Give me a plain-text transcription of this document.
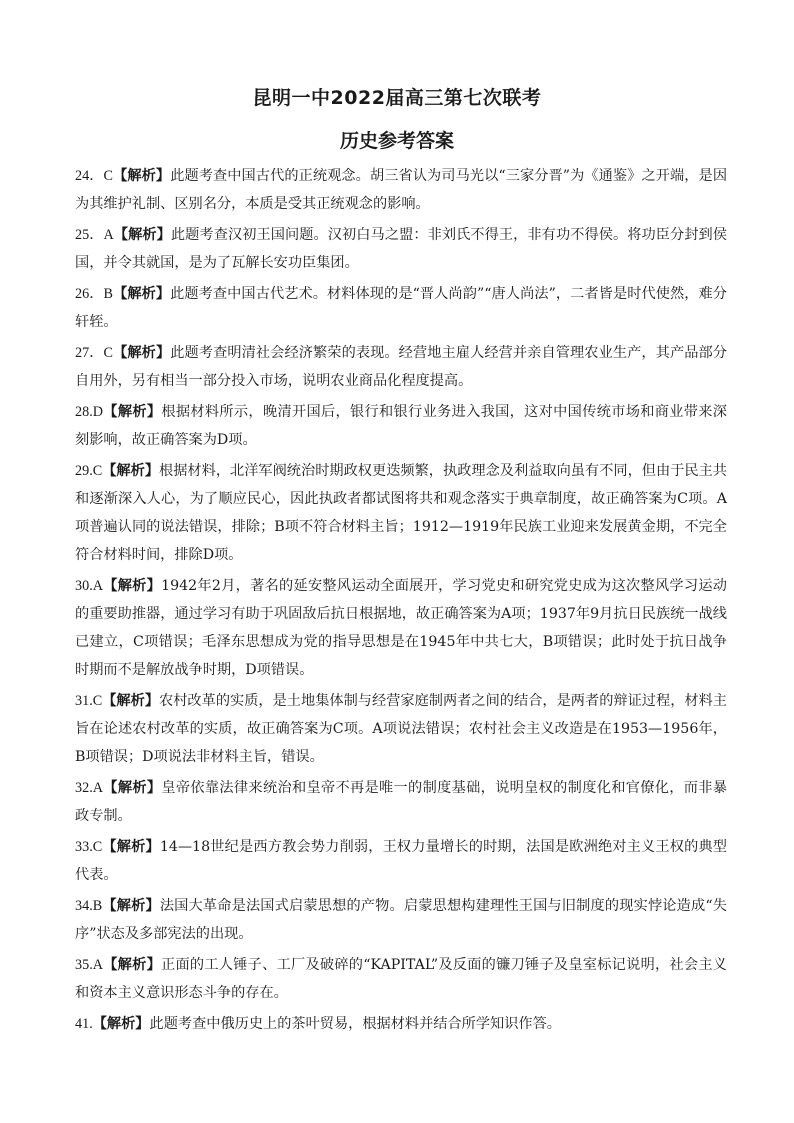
昆明一中2022届高三第七次联考
历史参考答案

24．C【解析】此题考查中国古代的正统观念。胡三省认为司马光以“三家分晋”为《通鉴》之开端，是因为其维护礼制、区别名分，本质是受其正统观念的影响。

25．A【解析】此题考查汉初王国问题。汉初白马之盟：非刘氏不得王，非有功不得侯。将功臣分封到侯国，并令其就国，是为了瓦解长安功臣集团。

26．B【解析】此题考查中国古代艺术。材料体现的是“晋人尚韵”“唐人尚法”，二者皆是时代使然，难分轩轾。

27．C【解析】此题考查明清社会经济繁荣的表现。经营地主雇人经营并亲自管理农业生产，其产品部分自用外，另有相当一部分投入市场，说明农业商品化程度提高。

28.D【解析】根据材料所示，晚清开国后，银行和银行业务进入我国，这对中国传统市场和商业带来深刻影响，故正确答案为D项。

29.C【解析】根据材料，北洋军阀统治时期政权更迭频繁，执政理念及利益取向虽有不同，但由于民主共和逐渐深入人心，为了顺应民心，因此执政者都试图将共和观念落实于典章制度，故正确答案为C项。A项普遍认同的说法错误，排除；B项不符合材料主旨；1912—1919年民族工业迎来发展黄金期，不完全符合材料时间，排除D项。

30.A【解析】1942年2月，著名的延安整风运动全面展开，学习党史和研究党史成为这次整风学习运动的重要助推器，通过学习有助于巩固敌后抗日根据地，故正确答案为A项；1937年9月抗日民族统一战线已建立，C项错误；毛泽东思想成为党的指导思想是在1945年中共七大，B项错误；此时处于抗日战争时期而不是解放战争时期，D项错误。

31.C【解析】农村改革的实质，是土地集体制与经营家庭制两者之间的结合，是两者的辩证过程，材料主旨在论述农村改革的实质，故正确答案为C项。A项说法错误；农村社会主义改造是在1953—1956年，B项错误；D项说法非材料主旨，错误。

32.A【解析】皇帝依靠法律来统治和皇帝不再是唯一的制度基础，说明皇权的制度化和官僚化，而非暴政专制。

33.C【解析】14—18世纪是西方教会势力削弱，王权力量增长的时期，法国是欧洲绝对主义王权的典型代表。

34.B【解析】法国大革命是法国式启蒙思想的产物。启蒙思想构建理性王国与旧制度的现实悖论造成“失序”状态及多部宪法的出现。

35.A【解析】正面的工人锤子、工厂及破碎的“KAPITAL”及反面的镰刀锤子及皇室标记说明，社会主义和资本主义意识形态斗争的存在。

41.【解析】此题考查中俄历史上的茶叶贸易，根据材料并结合所学知识作答。
